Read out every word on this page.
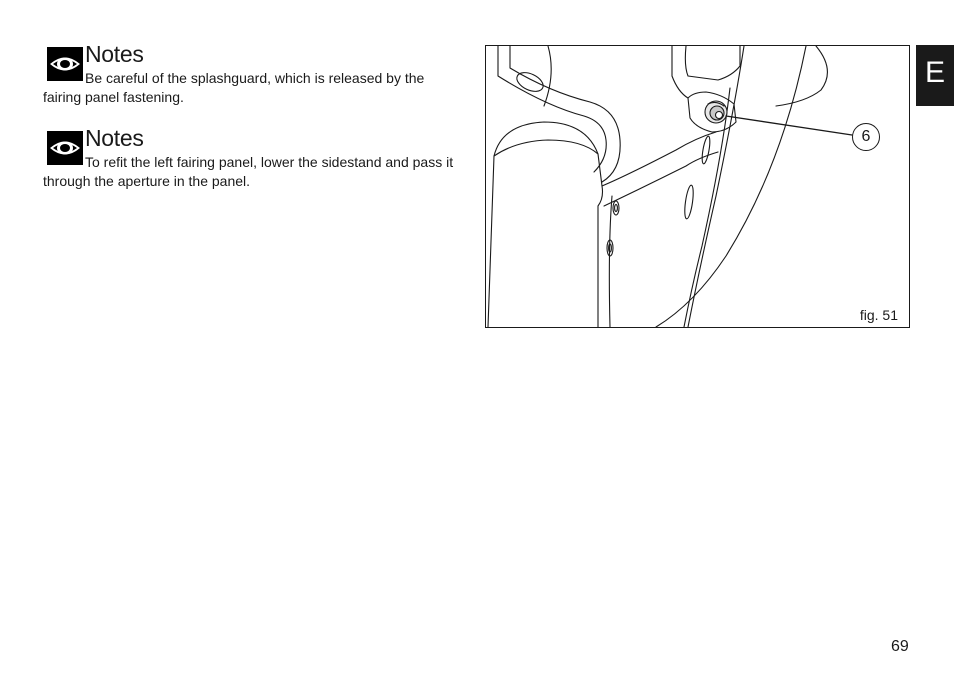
Notes

Be careful of the splashguard, which is released by the fairing panel fastening.

Notes

To refit the left fairing panel, lower the sidestand and pass it through the aperture in the panel.

6
fig. 51
E
69
